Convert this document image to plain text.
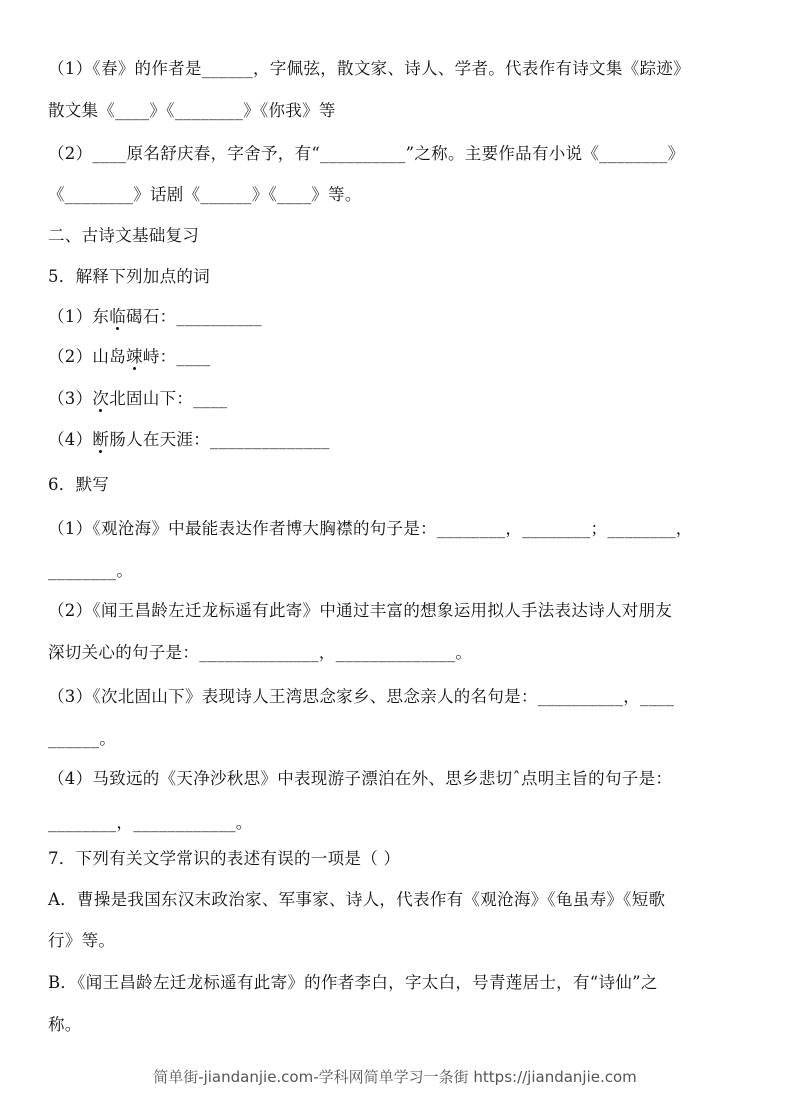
（1）《春》的作者是______，字佩弦，散文家、诗人、学者。代表作有诗文集《踪迹》
散文集《____》《________》《你我》等
（2）____原名舒庆春，字舍予，有“__________”之称。主要作品有小说《________》
《________》话剧《______》《____》等。
二、古诗文基础复习
5．解释下列加点的词
（1）东临碣石：__________
（2）山岛竦峙：____
（3）次北固山下：____
（4）断肠人在天涯：______________
6．默写
（1）《观沧海》中最能表达作者博大胸襟的句子是：________，________；________，
________。
（2）《闻王昌龄左迁龙标遥有此寄》中通过丰富的想象运用拟人手法表达诗人对朋友
深切关心的句子是：______________，______________。
（3）《次北固山下》表现诗人王湾思念家乡、思念亲人的名句是：__________，____
______。
（4）马致远的《天净沙秋思》中表现游子漂泊在外、思乡悲切ˆ点明主旨的句子是：
________，____________。
7．下列有关文学常识的表述有误的一项是（ ）
A．曹操是我国东汉末政治家、军事家、诗人，代表作有《观沧海》《龟虽寿》《短歌
行》等。
B．《闻王昌龄左迁龙标遥有此寄》的作者李白，字太白，号青莲居士，有“诗仙”之
称。
简单街-jiandanjie.com-学科网简单学习一条街 https://jiandanjie.com
